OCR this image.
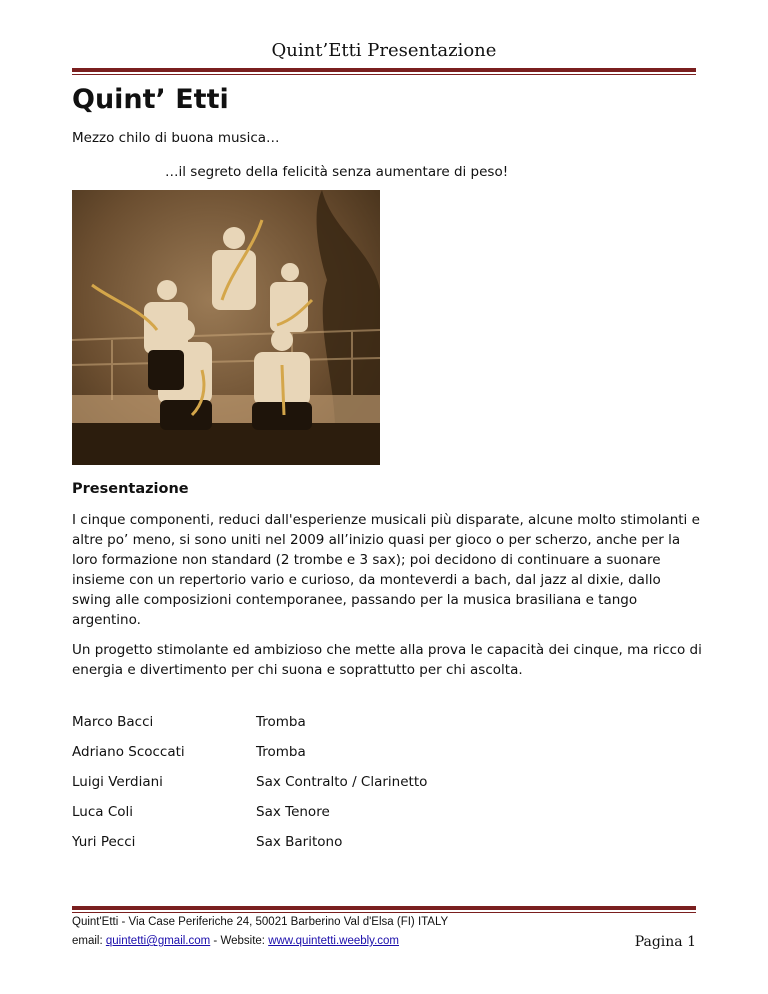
Quint’Etti Presentazione
Quint’ Etti
Mezzo chilo di buona musica…
…il segreto della felicità senza aumentare di peso!
Presentazione

I cinque componenti, reduci dall'esperienze musicali più disparate, alcune molto stimolanti e altre po’ meno, si sono uniti nel 2009 all’inizio quasi per gioco o per scherzo, anche per la loro formazione non standard (2 trombe e 3 sax); poi decidono di continuare a suonare insieme con un repertorio vario e curioso, da monteverdi a bach, dal jazz al dixie, dallo swing alle composizioni contemporanee, passando per la musica brasiliana e tango argentino.

Un progetto stimolante ed ambizioso che mette alla prova le capacità dei cinque, ma ricco di energia e divertimento per chi suona e soprattutto per chi ascolta.

Marco Bacci	Tromba
Adriano Scoccati	Tromba
Luigi Verdiani	Sax Contralto / Clarinetto
Luca Coli	Sax Tenore
Yuri Pecci	Sax Baritono
Quint'Etti - Via Case Periferiche 24, 50021 Barberino Val d'Elsa (FI) ITALY
email: quintetti@gmail.com - Website: www.quintetti.weebly.com	Pagina 1
